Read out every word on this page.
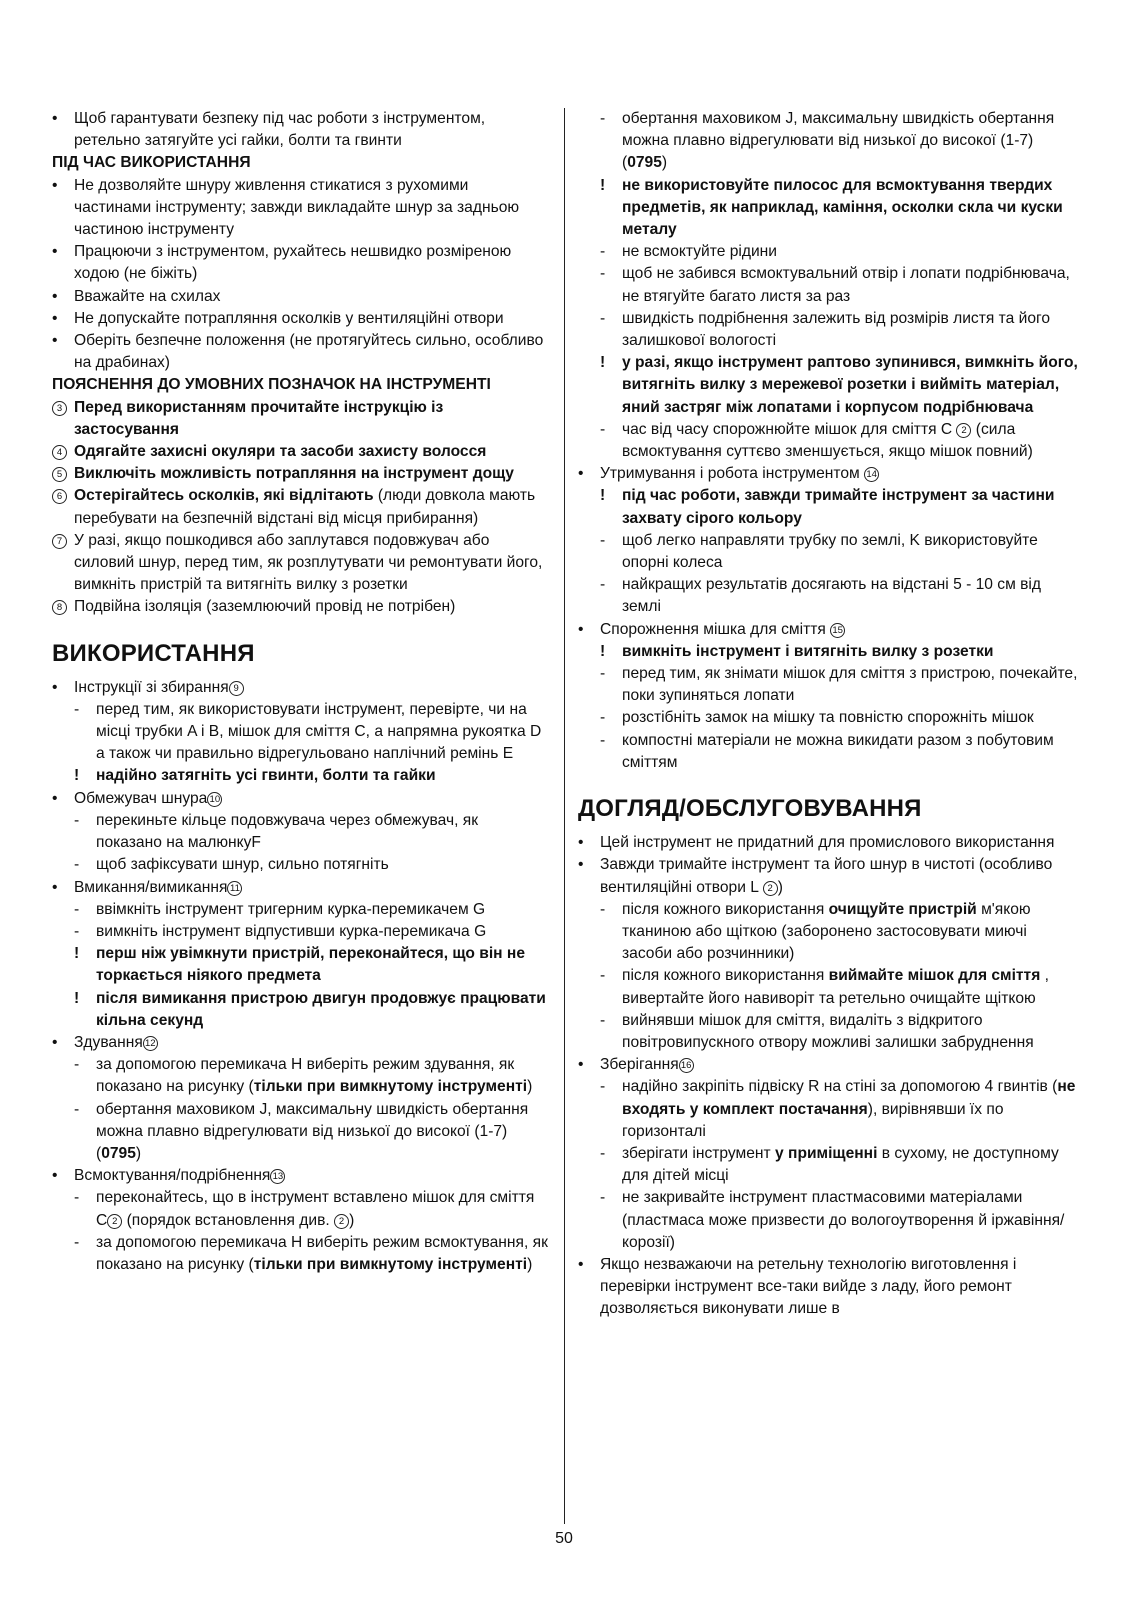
•	Щоб гарантувати безпеку під час роботи з інструментом, ретельно затягуйте усі гайки, болти та гвинти
ПІД ЧАС ВИКОРИСТАННЯ
•	Не дозволяйте шнуру живлення стикатися з рухомими частинами інструменту; завжди викладайте шнур за задньою частиною інструменту
•	Працюючи з інструментом, рухайтесь нешвидко розміреною ходою (не біжіть)
•	Вважайте на схилах
•	Не допускайте потрапляння осколків у вентиляційні отвори
•	Оберіть безпечне положення (не протягуйтесь сильно, особливо на драбинах)
ПОЯСНЕННЯ ДО УМОВНИХ ПОЗНАЧОК НА ІНСТРУМЕНТІ
3 Перед використанням прочитайте інструкцію із застосування
4 Одягайте захисні окуляри та засоби захисту волосся
5 Виключіть можливість потрапляння на інструмент дощу
6 Остерігайтесь осколків, які відлітають (люди довкола мають перебувати на безпечній відстані від місця прибирання)
7 У разі, якщо пошкодився або заплутався подовжувач або силовий шнур, перед тим, як розплутувати чи ремонтувати його, вимкніть пристрій та витягніть вилку з розетки
8 Подвійна ізоляція (заземлюючий провід не потрібен)
ВИКОРИСТАННЯ
•	Інструкції зі збирання 9
-	перед тим, як використовувати інструмент, перевірте, чи на місці трубки A і B, мішок для сміття C, а напрямна рукоятка D а також чи правильно відрегульовано наплічний ремінь E
!	надійно затягніть усі гвинти, болти та гайки
•	Обмежувач шнура 10
-	перекиньте кільце подовжувача через обмежувач, як показано на малюнкуF
-	щоб зафіксувати шнур, сильно потягніть
•	Вмикання/вимикання 11
-	ввімкніть інструмент тригерним курка-перемикачем G
-	вимкніть інструмент відпустивши курка-перемикача G
!	перш ніж увімкнути пристрій, переконайтеся, що він не торкається ніякого предмета
!	після вимикання пристрою двигун продовжує працювати кільна секунд
•	Здування 12
-	за допомогою перемикача H виберіть режим здування, як показано на рисунку (тільки при вимкнутому інструменті)
-	обертання маховиком J, максимальну швидкість обертання можна плавно відрегулювати від низької до високої (1-7) (0795)
•	Всмоктування/подрібнення 13
-	переконайтесь, що в інструмент вставлено мішок для сміття C 2 (порядок встановлення див. 2 )
-	за допомогою перемикача H виберіть режим всмоктування, як показано на рисунку (тільки при вимкнутому інструменті)
-	обертання маховиком J, максимальну швидкість обертання можна плавно відрегулювати від низької до високої (1-7) (0795)
!	не використовуйте пилосос для всмоктування твердих предметів, як наприклад, каміння, осколки скла чи куски металу
-	не всмоктуйте рідини
-	щоб не забився всмоктувальний отвір і лопати подрібнювача, не втягуйте багато листя за раз
-	швидкість подрібнення залежить від розмірів листя та його залишкової вологості
!	у разі, якщо інструмент раптово зупинився, вимкніть його, витягніть вилку з мережевої розетки і вийміть матеріал, яний застряг між лопатами і корпусом подрібнювача
-	час від часу спорожнюйте мішок для сміття C 2 (сила всмоктування суттєво зменшується, якщо мішок повний)
•	Утримування і робота інструментом 14
!	під час роботи, завжди тримайте інструмент за частини захвату сірого кольору
-	щоб легко направляти трубку по землі, K використовуйте опорні колеса
-	найкращих результатів досягають на відстані 5 - 10 см від землі
•	Спорожнення мішка для сміття 15
!	вимкніть інструмент і витягніть вилку з розетки
-	перед тим, як знімати мішок для сміття з пристрою, почекайте, поки зупиняться лопати
-	розстібніть замок на мішку та повністю спорожніть мішок
-	компостні матеріали не можна викидати разом з побутовим сміттям
ДОГЛЯД/ОБСЛУГОВУВАННЯ
•	Цей інструмент не придатний для промислового використання
•	Завжди тримайте інструмент та його шнур в чистоті (особливо вентиляційні отвори L 2 )
-	після кожного використання очищуйте пристрій м'якою тканиною або щіткою (заборонено застосовувати миючі засоби або розчинники)
-	після кожного використання виймайте мішок для сміття , вивертайте його навиворіт та ретельно очищайте щіткою
-	вийнявши мішок для сміття, видаліть з відкритого повітровипускного отвору можливі залишки забруднення
•	Зберігання 16
-	надійно закріпіть підвіску R на стіні за допомогою 4 гвинтів (не входять у комплект постачання), вирівнявши їх по горизонталі
-	зберігати інструмент у приміщенні в сухому, не доступному для дітей місці
-	не закривайте інструмент пластмасовими матеріалами (пластмаса може призвести до вологоутворення й іржавіння/корозії)
•	Якщо незважаючи на ретельну технологію виготовлення і перевірки інструмент все-таки вийде з ладу, його ремонт дозволяється виконувати лише в
50
